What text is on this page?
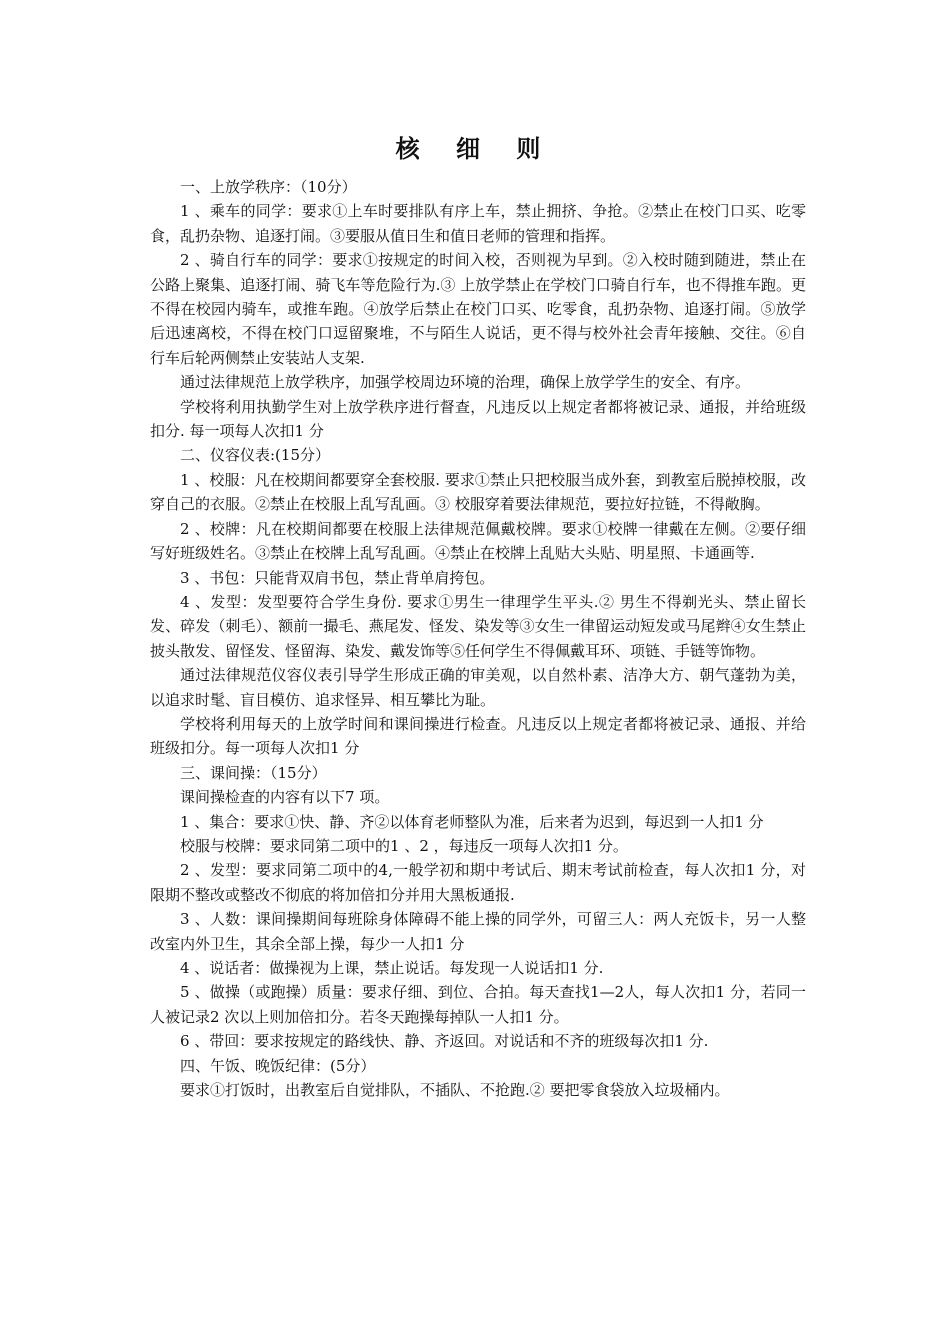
核 细 则

一、上放学秩序：（10分）

1 、乘车的同学：要求①上车时要排队有序上车，禁止拥挤、争抢。②禁止在校门口买、吃零食，乱扔杂物、追逐打闹。③要服从值日生和值日老师的管理和指挥。

2 、骑自行车的同学：要求①按规定的时间入校，否则视为早到。②入校时随到随进，禁止在公路上聚集、追逐打闹、骑飞车等危险行为.③ 上放学禁止在学校门口骑自行车，也不得推车跑。更不得在校园内骑车，或推车跑。④放学后禁止在校门口买、吃零食，乱扔杂物、追逐打闹。⑤放学后迅速离校，不得在校门口逗留聚堆，不与陌生人说话，更不得与校外社会青年接触、交往。⑥自行车后轮两侧禁止安装站人支架.

通过法律规范上放学秩序，加强学校周边环境的治理，确保上放学学生的安全、有序。

学校将利用执勤学生对上放学秩序进行督查，凡违反以上规定者都将被记录、通报，并给班级扣分. 每一项每人次扣1 分

二、仪容仪表:(15分）

1 、校服：凡在校期间都要穿全套校服. 要求①禁止只把校服当成外套，到教室后脱掉校服，改穿自己的衣服。②禁止在校服上乱写乱画。③ 校服穿着要法律规范，要拉好拉链，不得敞胸。

2 、校牌：凡在校期间都要在校服上法律规范佩戴校牌。要求①校牌一律戴在左侧。②要仔细写好班级姓名。③禁止在校牌上乱写乱画。④禁止在校牌上乱贴大头贴、明星照、卡通画等.

3 、书包：只能背双肩书包，禁止背单肩挎包。

4 、发型：发型要符合学生身份. 要求①男生一律理学生平头.② 男生不得剃光头、禁止留长发、碎发（刺毛）、额前一撮毛、燕尾发、怪发、染发等③女生一律留运动短发或马尾辫④女生禁止披头散发、留怪发、怪留海、染发、戴发饰等⑤任何学生不得佩戴耳环、项链、手链等饰物。

通过法律规范仪容仪表引导学生形成正确的审美观，以自然朴素、洁净大方、朝气蓬勃为美，以追求时髦、盲目模仿、追求怪异、相互攀比为耻。

学校将利用每天的上放学时间和课间操进行检查。凡违反以上规定者都将被记录、通报、并给班级扣分。每一项每人次扣1 分

三、课间操：（15分）

课间操检查的内容有以下7 项。

1 、集合：要求①快、静、齐②以体育老师整队为准，后来者为迟到，每迟到一人扣1 分

校服与校牌：要求同第二项中的1 、2 ，每违反一项每人次扣1 分。

2 、发型：要求同第二项中的4,一般学初和期中考试后、期末考试前检查，每人次扣1 分，对限期不整改或整改不彻底的将加倍扣分并用大黑板通报.

3 、人数：课间操期间每班除身体障碍不能上操的同学外，可留三人：两人充饭卡，另一人整改室内外卫生，其余全部上操，每少一人扣1 分

4 、说话者：做操视为上课，禁止说话。每发现一人说话扣1 分.

5 、做操（或跑操）质量：要求仔细、到位、合拍。每天查找1—2人，每人次扣1 分，若同一人被记录2 次以上则加倍扣分。若冬天跑操每掉队一人扣1 分。

6 、带回：要求按规定的路线快、静、齐返回。对说话和不齐的班级每次扣1 分.

四、午饭、晚饭纪律：(5分）

要求①打饭时，出教室后自觉排队，不插队、不抢跑.② 要把零食袋放入垃圾桶内。
